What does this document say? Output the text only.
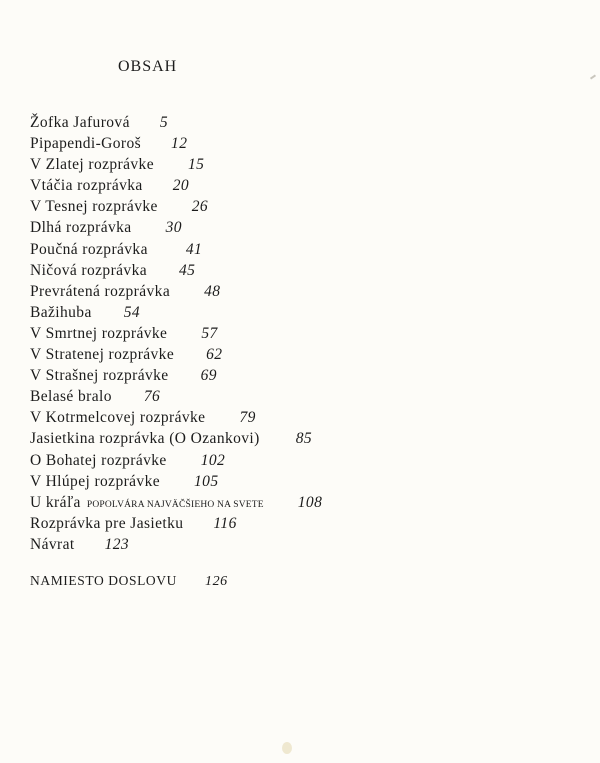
OBSAH
Žofka Jafurová 5
Pipapendi-Goroš 12
V Zlatej rozprávke 15
Vtáčia rozprávka 20
V Tesnej rozprávke 26
Dlhá rozprávka 30
Poučná rozprávka 41
Ničová rozprávka 45
Prevrátená rozprávka 48
Bažihuba 54
V Smrtnej rozprávke 57
V Stratenej rozprávke 62
V Strašnej rozprávke 69
Belasé bralo 76
V Kotrmelcovej rozprávke 79
Jasietkina rozprávka (O Ozankovi) 85
O Bohatej rozprávke 102
V Hlúpej rozprávke 105
U kráľa POPOLVÁRA NAJVÄČŠIEHO NA SVETE 108
Rozprávka pre Jasietku 116
Návrat 123
NAMIESTO DOSLOVU 126
